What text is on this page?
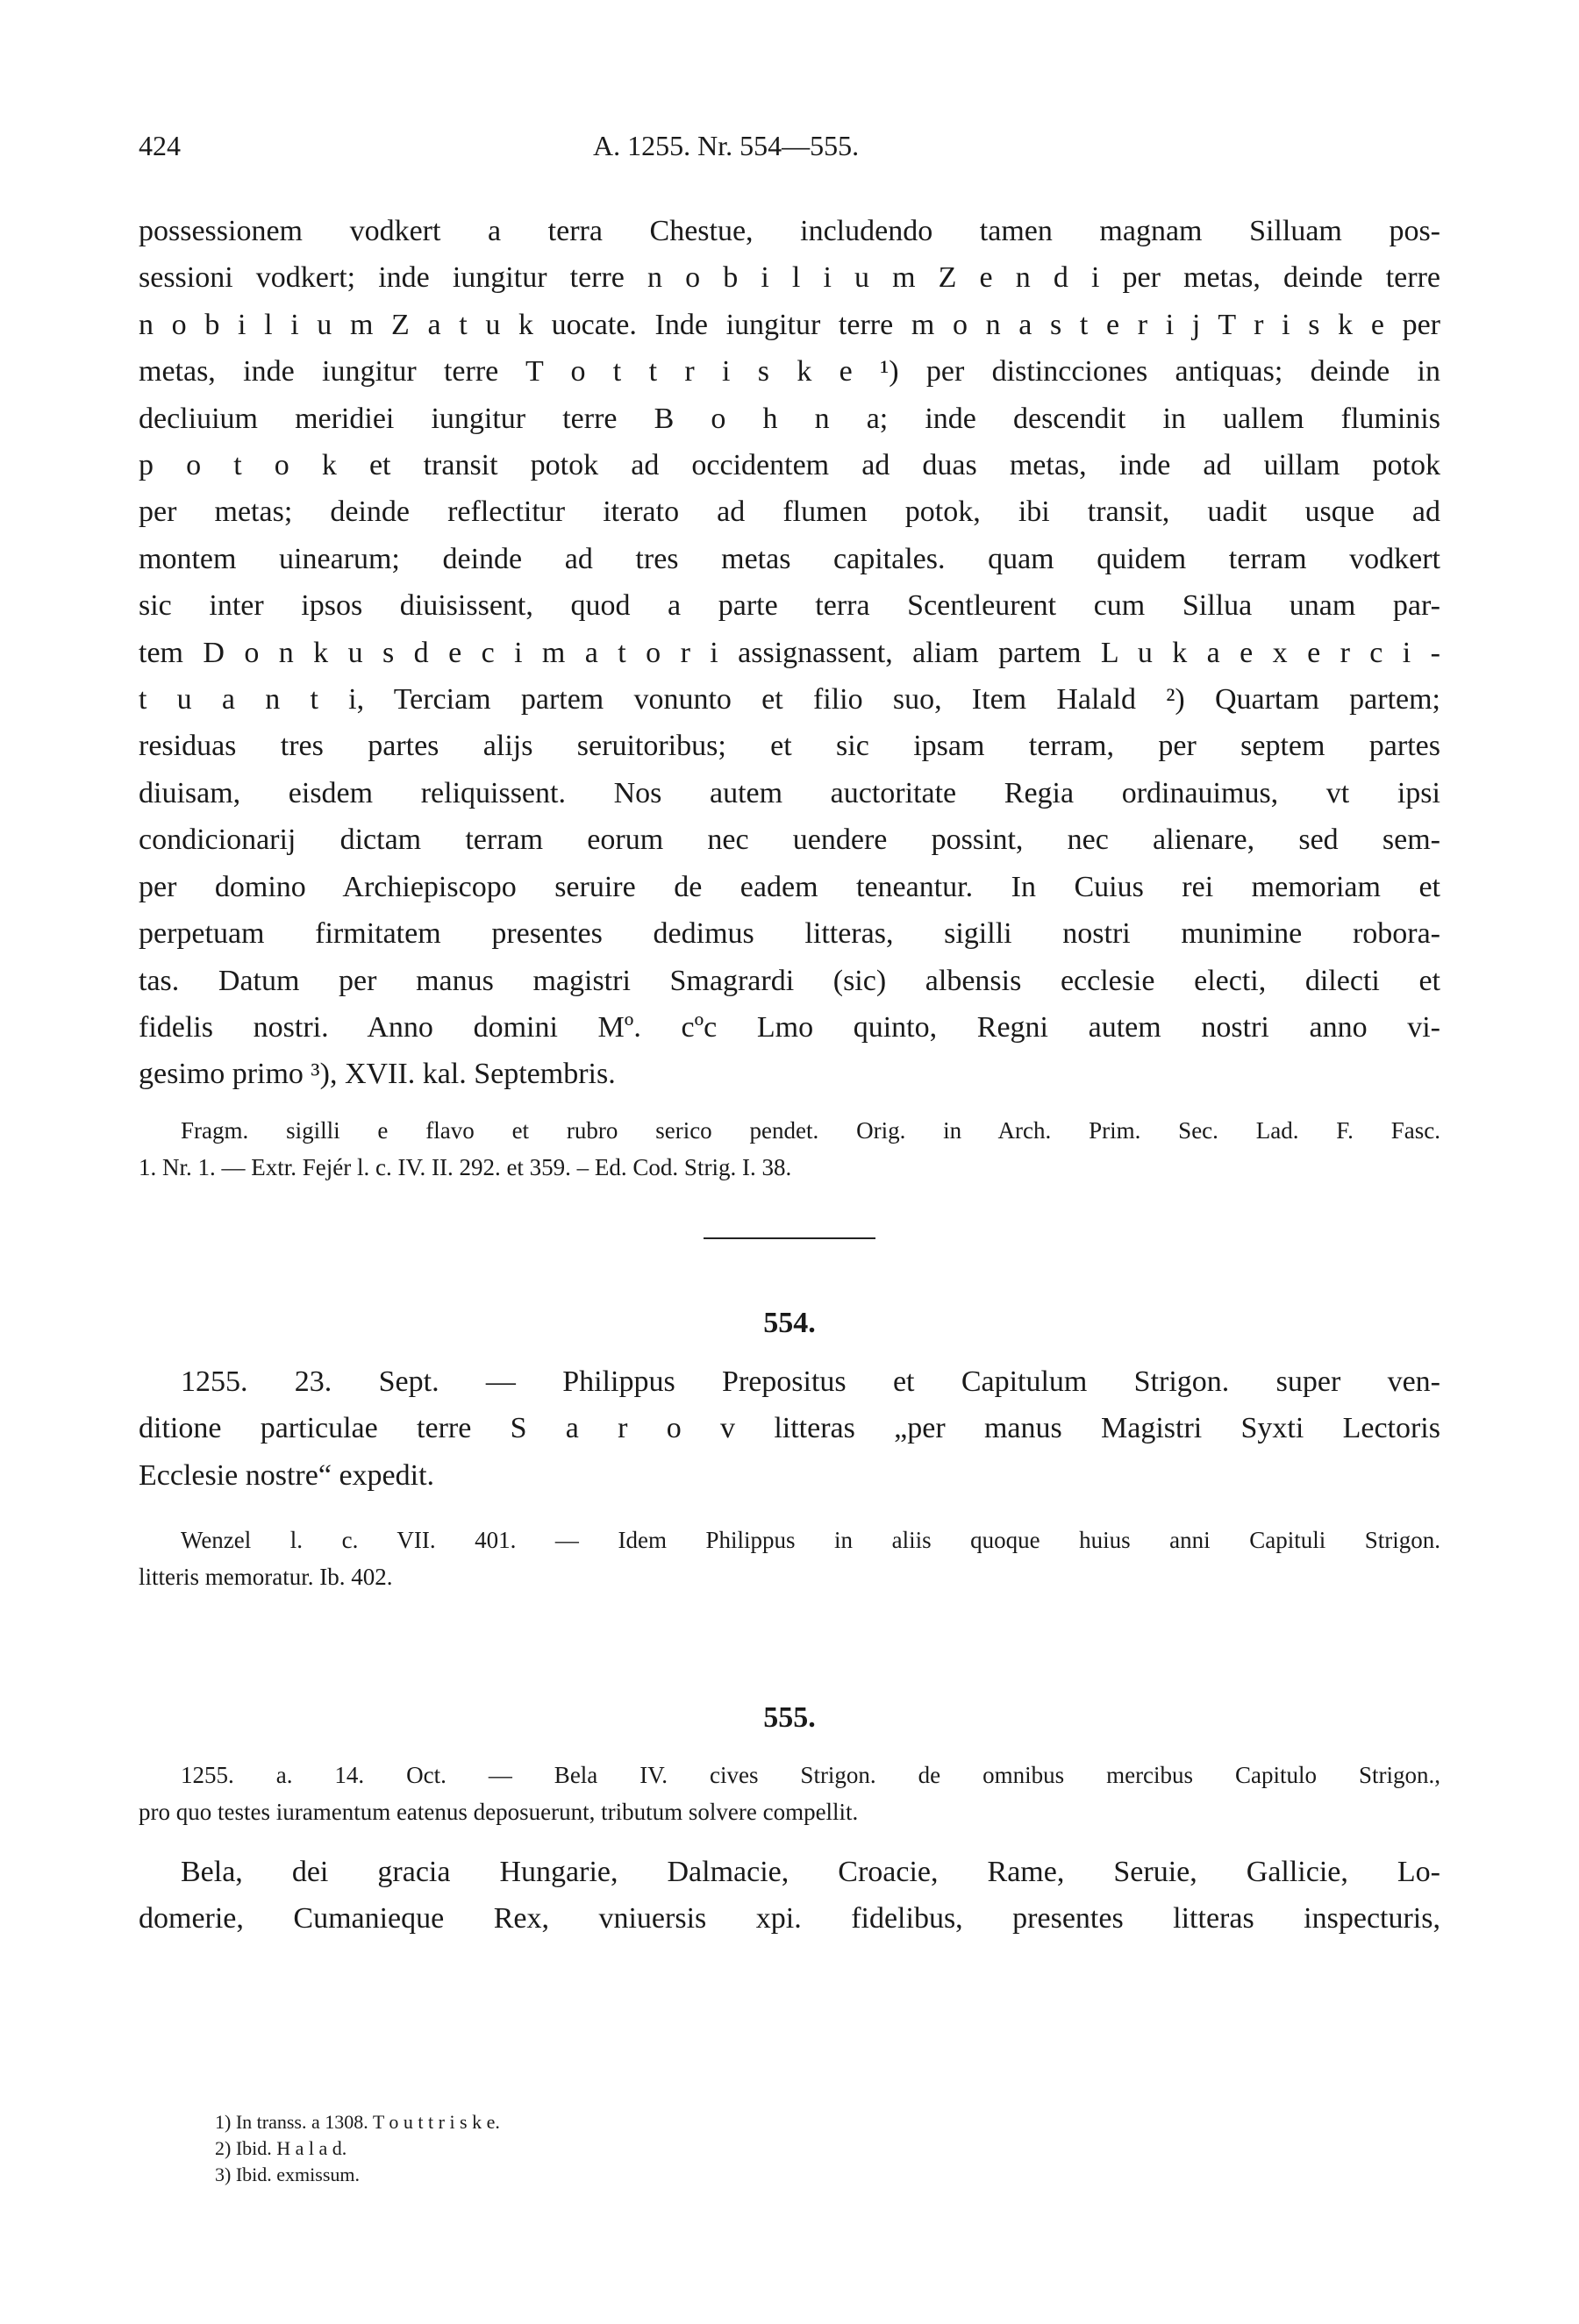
424	A. 1255. Nr. 554—555.
possessionem vodkert a terra Chestue, includendo tamen magnam Silluam pos-
sessioni vodkert; inde iungitur terre n o b i l i u m Z e n d i per metas, deinde terre
n o b i l i u m Z a t u k uocate. Inde iungitur terre m o n a s t e r i j T r i s k e per
metas, inde iungitur terre T o t t r i s k e ¹) per distincciones antiquas; deinde in
decliuium meridiei iungitur terre B o h n a; inde descendit in uallem fluminis
p o t o k et transit potok ad occidentem ad duas metas, inde ad uillam potok
per metas; deinde reflectitur iterato ad flumen potok, ibi transit, uadit usque ad
montem uinearum; deinde ad tres metas capitales. quam quidem terram vodkert
sic inter ipsos diuisissent, quod a parte terra Scentleurent cum Sillua unam par-
tem D o n k u s d e c i m a t o r i assignassent, aliam partem L u k a e x e r c i -
t u a n t i, Terciam partem vonunto et filio suo, Item Halald ²) Quartam partem;
residuas tres partes alijs seruitoribus; et sic ipsam terram, per septem partes
diuisam, eisdem reliquissent. Nos autem auctoritate Regia ordinauimus, vt ipsi
condicionarij dictam terram eorum nec uendere possint, nec alienare, sed sem-
per domino Archiepiscopo seruire de eadem teneantur. In Cuius rei memoriam et
perpetuam firmitatem presentes dedimus litteras, sigilli nostri munimine robora-
tas. Datum per manus magistri Smagrardi (sic) albensis ecclesie electi, dilecti et
fidelis nostri. Anno domini Mº. cºc Lmo quinto, Regni autem nostri anno vi-
gesimo primo ³), XVII. kal. Septembris.
Fragm. sigilli e flavo et rubro serico pendet. Orig. in Arch. Prim. Sec. Lad. F. Fasc.
1. Nr. 1. — Extr. Fejér l. c. IV. II. 292. et 359. – Ed. Cod. Strig. I. 38.
554.
1255. 23. Sept. — Philippus Prepositus et Capitulum Strigon. super ven-
ditione particulae terre S a r o v litteras „per manus Magistri Syxti Lectoris
Ecclesie nostre“ expedit.
Wenzel l. c. VII. 401. — Idem Philippus in aliis quoque huius anni Capituli Strigon.
litteris memoratur. Ib. 402.
555.
1255. a. 14. Oct. — Bela IV. cives Strigon. de omnibus mercibus Capitulo Strigon.,
pro quo testes iuramentum eatenus deposuerunt, tributum solvere compellit.
Bela, dei gracia Hungarie, Dalmacie, Croacie, Rame, Seruie, Gallicie, Lo-
domerie, Cumanieque Rex, vniuersis xpi. fidelibus, presentes litteras inspecturis,
1) In transs. a 1308. T o u t t r i s k e.
2) Ibid. H a l a d.
3) Ibid. exmissum.
